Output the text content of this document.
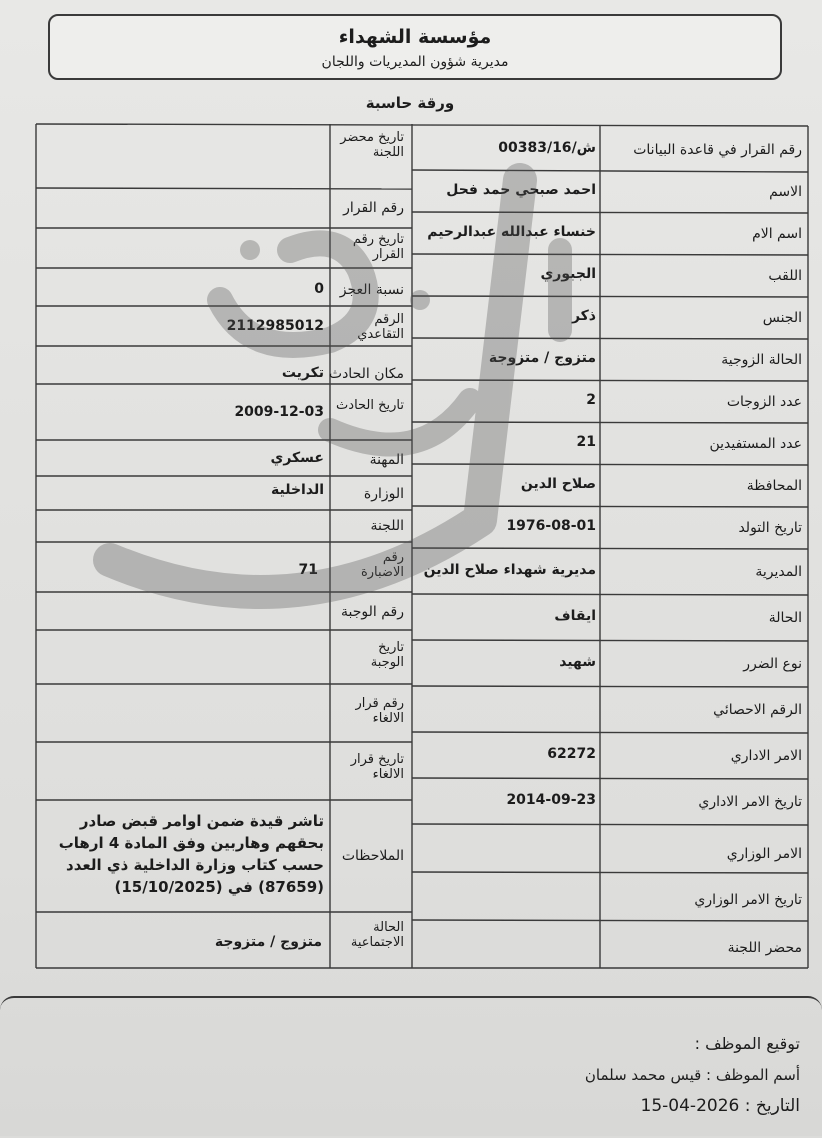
مؤسسة الشهداء
مديرية شؤون المديريات واللجان
ورقة حاسبة
رقم القرار في قاعدة البيانات
ش/00383/16
الاسم
احمد صبحي حمد فحل
اسم الام
خنساء عبدالله عبدالرحيم
اللقب
الجبوري
الجنس
ذكر
الحالة الزوجية
متزوج / متزوجة
عدد الزوجات
2
عدد المستفيدين
21
المحافظة
صلاح الدين
تاريخ التولد
1976-08-01
المديرية
مديرية شهداء صلاح الدين
الحالة
ايقاف
نوع الضرر
شهيد
الرقم الاحصائي
الامر الاداري
62272
تاريخ الامر الاداري
2014-09-23
الامر الوزاري
تاريخ الامر الوزاري
محضر اللجنة
تاريخ محضر اللجنة
رقم القرار
تاريخ رقم القرار
نسبة العجز
0
الرقم التقاعدي
2112985012
مكان الحادث
تكريت
تاريخ الحادث
2009-12-03
المهنة
عسكري
الوزارة
الداخلية
اللجنة
رقم الاضبارة
71
رقم الوجبة
تاريخ الوجبة
رقم قرار الالغاء
تاريخ قرار الالغاء
الملاحظات
تاشر قيدة ضمن اوامر قبض صادر بحقهم وهاربين وفق المادة 4 ارهاب حسب كتاب وزارة الداخلية ذي العدد (87659) في (15/10/2025)
الحالة الاجتماعية
متزوج / متزوجة
توقيع الموظف :
أسم الموظف : قيس محمد سلمان
التاريخ : 2026-04-15
